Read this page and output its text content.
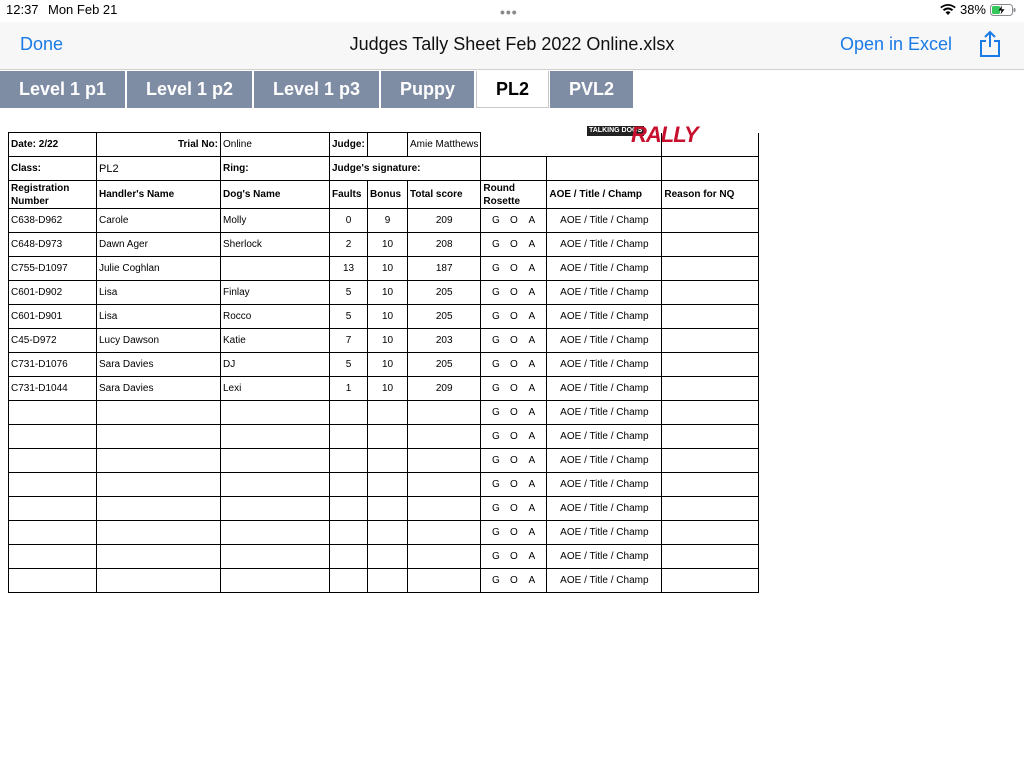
12:37 Mon Feb 21	•••	38%
Done	Judges Tally Sheet Feb 2022 Online.xlsx	Open in Excel
Level 1 p1	Level 1 p2	Level 1 p3	Puppy	PL2	PVL2
TALKING DOGS
RALLY
Date: 2/22	Trial No:	Online	Judge:		Amie Matthews			
Class:	PL2	Ring:	Judge's signature:					
Registration Number	Handler's Name	Dog's Name	Faults	Bonus	Total score	Round Rosette	AOE / Title / Champ	Reason for NQ
C638-D962	Carole	Molly	0	9	209	G O A	AOE / Title / Champ	
C648-D973	Dawn Ager	Sherlock	2	10	208	G O A	AOE / Title / Champ	
C755-D1097	Julie Coghlan		13	10	187	G O A	AOE / Title / Champ	
C601-D902	Lisa	Finlay	5	10	205	G O A	AOE / Title / Champ	
C601-D901	Lisa	Rocco	5	10	205	G O A	AOE / Title / Champ	
C45-D972	Lucy Dawson	Katie	7	10	203	G O A	AOE / Title / Champ	
C731-D1076	Sara Davies	DJ	5	10	205	G O A	AOE / Title / Champ	
C731-D1044	Sara Davies	Lexi	1	10	209	G O A	AOE / Title / Champ	
						G O A	AOE / Title / Champ	
						G O A	AOE / Title / Champ	
						G O A	AOE / Title / Champ	
						G O A	AOE / Title / Champ	
						G O A	AOE / Title / Champ	
						G O A	AOE / Title / Champ	
						G O A	AOE / Title / Champ	
						G O A	AOE / Title / Champ	
